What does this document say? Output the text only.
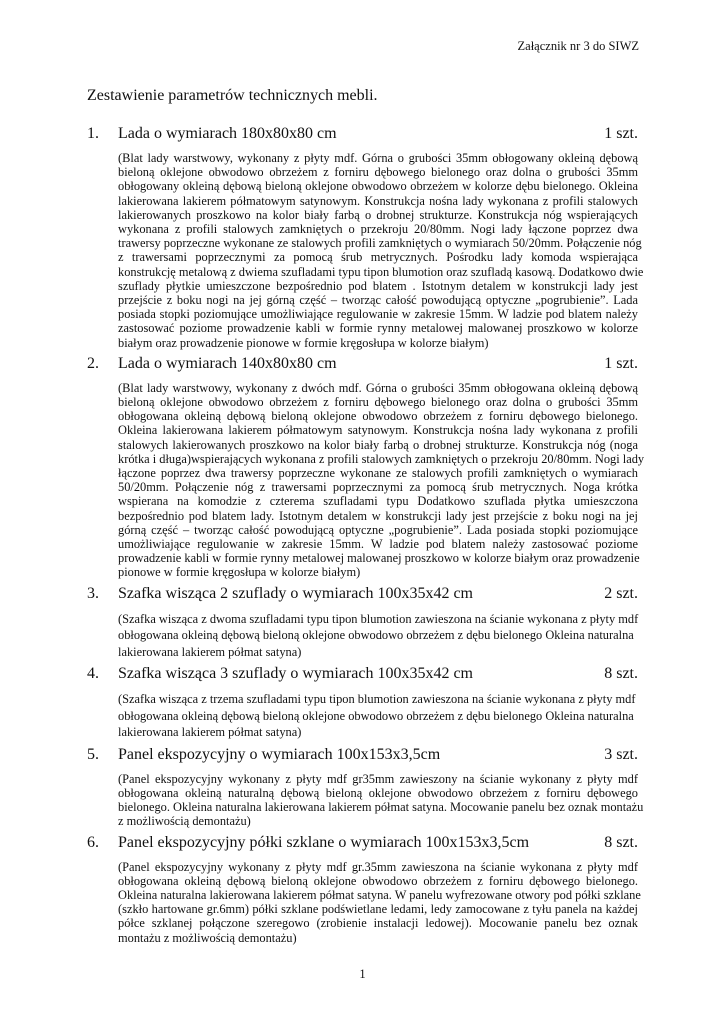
Załącznik nr 3 do SIWZ
Zestawienie parametrów technicznych mebli.
1. Lada o wymiarach 180x80x80 cm	1 szt.
(Blat lady warstwowy, wykonany z płyty mdf. Górna o grubości 35mm obłogowany okleiną dębową
bieloną oklejone obwodowo obrzeżem z forniru dębowego bielonego oraz dolna o grubości 35mm
obłogowany okleiną dębową bieloną oklejone obwodowo obrzeżem w kolorze dębu bielonego. Okleina
lakierowana lakierem półmatowym satynowym. Konstrukcja nośna lady wykonana z profili stalowych
lakierowanych proszkowo na kolor biały farbą o drobnej strukturze. Konstrukcja nóg wspierających
wykonana z profili stalowych zamkniętych o przekroju 20/80mm. Nogi lady łączone poprzez dwa
trawersy poprzeczne wykonane ze stalowych profili zamkniętych o wymiarach 50/20mm. Połączenie nóg
z trawersami poprzecznymi za pomocą śrub metrycznych. Pośrodku lady komoda wspierająca
konstrukcję metalową z dwiema szufladami typu tipon blumotion oraz szufladą kasową. Dodatkowo dwie
szuflady płytkie umieszczone bezpośrednio pod blatem . Istotnym detalem w konstrukcji lady jest
przejście z boku nogi na jej górną część – tworząc całość powodującą optyczne „pogrubienie”. Lada
posiada stopki poziomujące umożliwiające regulowanie w zakresie 15mm. W ladzie pod blatem należy
zastosować poziome prowadzenie kabli w formie rynny metalowej malowanej proszkowo w kolorze
białym oraz prowadzenie pionowe w formie kręgosłupa w kolorze białym)
2. Lada o wymiarach 140x80x80 cm	1 szt.
(Blat lady warstwowy, wykonany z dwóch mdf. Górna o grubości 35mm obłogowana okleiną dębową
bieloną oklejone obwodowo obrzeżem z forniru dębowego bielonego oraz dolna o grubości 35mm
obłogowana okleiną dębową bieloną oklejone obwodowo obrzeżem z forniru dębowego bielonego.
Okleina lakierowana lakierem półmatowym satynowym. Konstrukcja nośna lady wykonana z profili
stalowych lakierowanych proszkowo na kolor biały farbą o drobnej strukturze. Konstrukcja nóg (noga
krótka i długa)wspierających wykonana z profili stalowych zamkniętych o przekroju 20/80mm. Nogi lady
łączone poprzez dwa trawersy poprzeczne wykonane ze stalowych profili zamkniętych o wymiarach
50/20mm. Połączenie nóg z trawersami poprzecznymi za pomocą śrub metrycznych. Noga krótka
wspierana na komodzie z czterema szufladami typu Dodatkowo szuflada płytka umieszczona
bezpośrednio pod blatem lady. Istotnym detalem w konstrukcji lady jest przejście z boku nogi na jej
górną część – tworząc całość powodującą optyczne „pogrubienie”. Lada posiada stopki poziomujące
umożliwiające regulowanie w zakresie 15mm. W ladzie pod blatem należy zastosować poziome
prowadzenie kabli w formie rynny metalowej malowanej proszkowo w kolorze białym oraz prowadzenie
pionowe w formie kręgosłupa w kolorze białym)
3. Szafka wisząca 2 szuflady o wymiarach 100x35x42 cm	2 szt.
(Szafka wisząca z dwoma szufladami typu tipon blumotion zawieszona na ścianie wykonana z płyty mdf
obłogowana okleiną dębową bieloną oklejone obwodowo obrzeżem z dębu bielonego Okleina naturalna
lakierowana lakierem półmat satyna)
4. Szafka wisząca 3 szuflady o wymiarach 100x35x42 cm	8 szt.
(Szafka wisząca z trzema szufladami typu tipon blumotion zawieszona na ścianie wykonana z płyty mdf
obłogowana okleiną dębową bieloną oklejone obwodowo obrzeżem z dębu bielonego Okleina naturalna
lakierowana lakierem półmat satyna)
5. Panel ekspozycyjny o wymiarach 100x153x3,5cm	3 szt.
(Panel ekspozycyjny wykonany z płyty mdf gr35mm zawieszony na ścianie wykonany z płyty mdf
obłogowana okleiną naturalną dębową bieloną oklejone obwodowo obrzeżem z forniru dębowego
bielonego. Okleina naturalna lakierowana lakierem półmat satyna. Mocowanie panelu bez oznak montażu
z możliwością demontażu)
6. Panel ekspozycyjny półki szklane o wymiarach 100x153x3,5cm	8 szt.
(Panel ekspozycyjny wykonany z płyty mdf gr.35mm zawieszona na ścianie wykonana z płyty mdf
obłogowana okleiną dębową bieloną oklejone obwodowo obrzeżem z forniru dębowego bielonego.
Okleina naturalna lakierowana lakierem półmat satyna. W panelu wyfrezowane otwory pod półki szklane
(szkło hartowane gr.6mm) półki szklane podświetlane ledami, ledy zamocowane z tyłu panela na każdej
półce szklanej połączone szeregowo (zrobienie instalacji ledowej). Mocowanie panelu bez oznak
montażu z możliwością demontażu)
1
